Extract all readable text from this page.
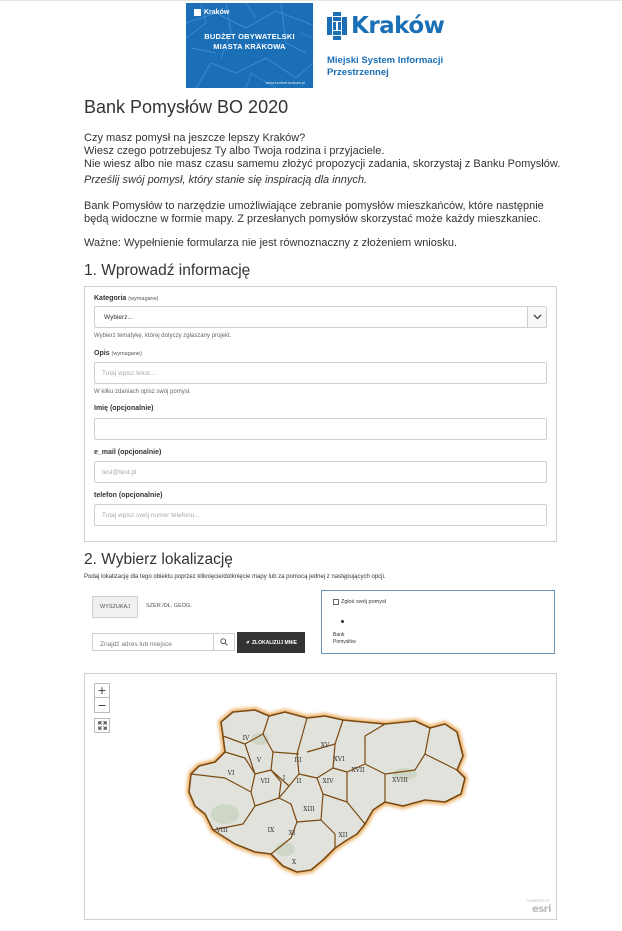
Kraków
BUDŻET OBYWATELSKI
MIASTA KRAKOWA
www.budzet.krakow.pl
Kraków
Miejski System Informacji
Przestrzennej
Bank Pomysłów BO 2020
Czy masz pomysł na jeszcze lepszy Kraków?
Wiesz czego potrzebujesz Ty albo Twoja rodzina i przyjaciele.
Nie wiesz albo nie masz czasu samemu złożyć propozycji zadania, skorzystaj z Banku Pomysłów.
Prześlij swój pomysł, który stanie się inspiracją dla innych.
Bank Pomysłów to narzędzie umożliwiające zebranie pomysłów mieszkańców, które następnie będą widoczne w formie mapy. Z przesłanych pomysłów skorzystać może każdy mieszkaniec.
Ważne: Wypełnienie formularza nie jest równoznaczny z złożeniem wniosku.
1. Wprowadź informację
Kategoria (wymagane)
Wybierz...
Wybierz tematykę, której dotyczy zgłaszany projekt.
Opis (wymagane)
Tutaj wpisz tekst...
W kilku zdaniach opisz swój pomysł.
Imię (opcjonalnie)
e_mail (opcjonalnie)
test@test.pl
telefon (opcjonalnie)
Tutaj wpisz swój numer telefonu...
2. Wybierz lokalizację
Podaj lokalizację dla tego obiektu poprzez kliknięcie/dotknięcie mapy lub za pomocą jednej z następujących opcji.
WYSZUKAJ	SZER./DŁ. GEOG.
Znajdź adres lub miejsce
ZLOKALIZUJ MNIE
Zgłoś swój pomysł
Bank
Pomysłów
IV
VI
V
VII
III
II
I
XV
XVI
XIV	XVIII
XVII
XIII
VIII	IX XI	XII
X
+
−
POWERED BY
esri
